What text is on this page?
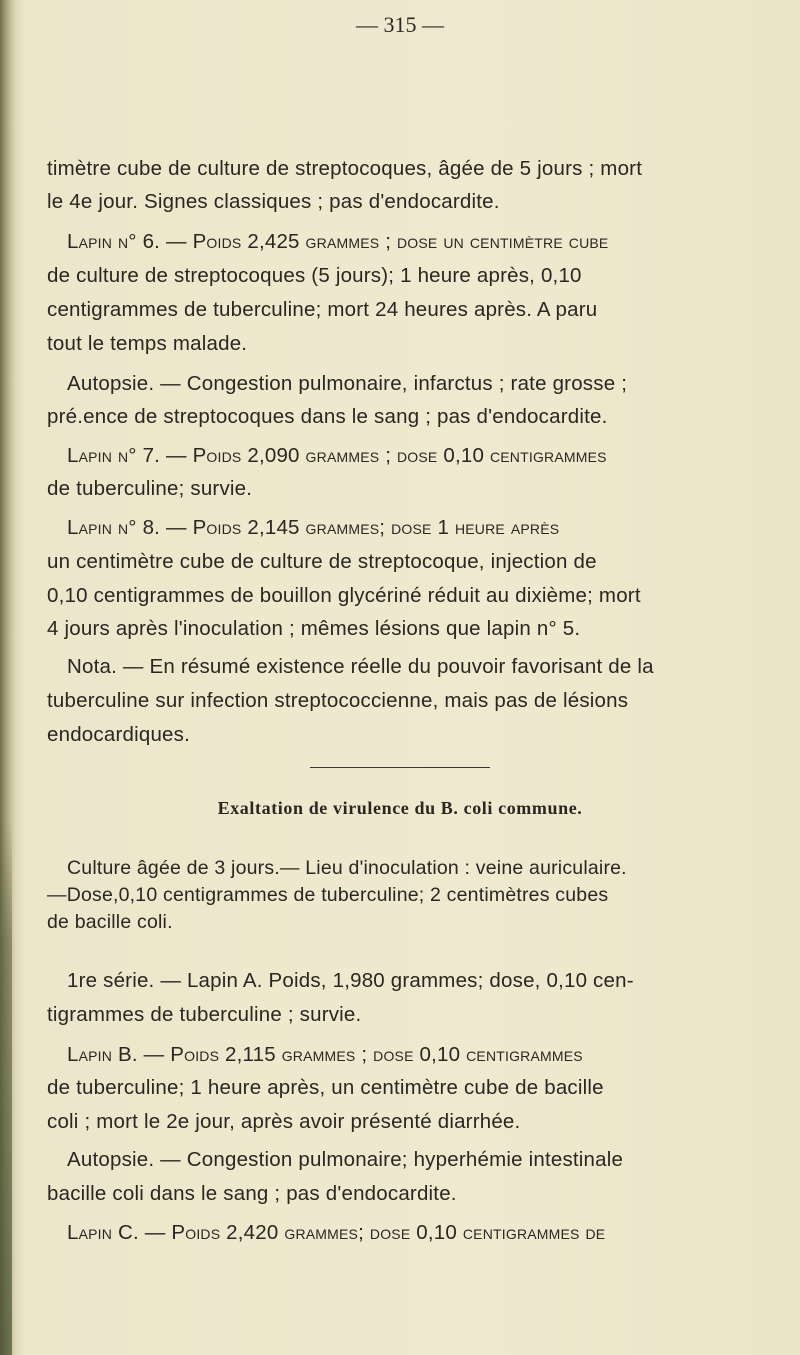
— 315 —
timètre cube de culture de streptocoques, âgée de 5 jours ; mort
le 4e jour. Signes classiques ; pas d'endocardite.
Lapin n° 6. — Poids 2,425 grammes ; dose un centimètre cube
de culture de streptocoques (5 jours); 1 heure après, 0,10
centigrammes de tuberculine; mort 24 heures après. A paru
tout le temps malade.
Autopsie. — Congestion pulmonaire, infarctus ; rate grosse ;
pré.ence de streptocoques dans le sang ; pas d'endocardite.
Lapin n° 7. — Poids 2,090 grammes ; dose 0,10 centigrammes
de tuberculine; survie.
Lapin n° 8. — Poids 2,145 grammes; dose 1 heure après
un centimètre cube de culture de streptocoque, injection de
0,10 centigrammes de bouillon glycériné réduit au dixième; mort
4 jours après l'inoculation ; mêmes lésions que lapin n° 5.
Nota. — En résumé existence réelle du pouvoir favorisant de la
tuberculine sur infection streptococcienne, mais pas de lésions
endocardiques.
Exaltation de virulence du B. coli commune.
Culture âgée de 3 jours.— Lieu d'inoculation : veine auriculaire.
—Dose,0,10 centigrammes de tuberculine; 2 centimètres cubes
de bacille coli.
1re série. — Lapin A. Poids, 1,980 grammes; dose, 0,10 cen-
tigrammes de tuberculine ; survie.
Lapin B. — Poids 2,115 grammes ; dose 0,10 centigrammes
de tuberculine; 1 heure après, un centimètre cube de bacille
coli ; mort le 2e jour, après avoir présenté diarrhée.
Autopsie. — Congestion pulmonaire; hyperhémie intestinale
bacille coli dans le sang ; pas d'endocardite.
Lapin C. — Poids 2,420 grammes; dose 0,10 centigrammes de
